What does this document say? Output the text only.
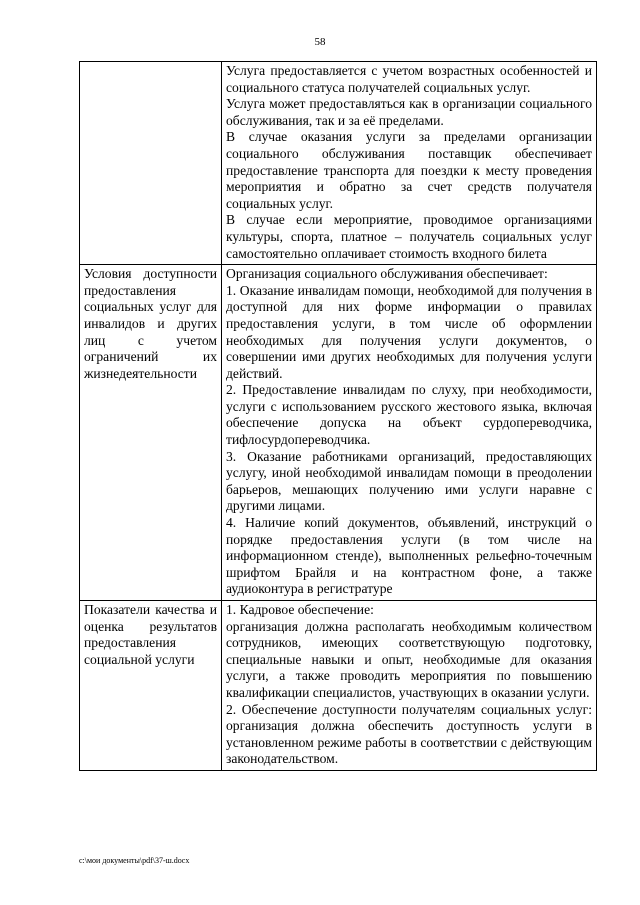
58

	Услуга предоставляется с учетом возрастных особенностей и социального статуса получателей социальных услуг.

Услуга может предоставляться как в организации социального обслуживания, так и за её пределами.

В случае оказания услуги за пределами организации социального обслуживания поставщик обеспечивает предоставление транспорта для поездки к месту проведения мероприятия и обратно за счет средств получателя социальных услуг.

В случае если мероприятие, проводимое организациями культуры, спорта, платное – получатель социальных услуг самостоятельно оплачивает стоимость входного билета

Условия доступности предоставления социальных услуг для инвалидов и других лиц с учетом ограничений их жизнедеятельности	Организация социального обслуживания обеспечивает:

1. Оказание инвалидам помощи, необходимой для получения в доступной для них форме информации о правилах предоставления услуги, в том числе об оформлении необходимых для получения услуги документов, о совершении ими других необходимых для получения услуги действий.

2. Предоставление инвалидам по слуху, при необходимости, услуги с использованием русского жестового языка, включая обеспечение допуска на объект сурдопереводчика, тифлосурдопереводчика.

3. Оказание работниками организаций, предоставляющих услугу, иной необходимой инвалидам помощи в преодолении барьеров, мешающих получению ими услуги наравне с другими лицами.

4. Наличие копий документов, объявлений, инструкций о порядке предоставления услуги (в том числе на информационном стенде), выполненных рельефно-точечным шрифтом Брайля и на контрастном фоне, а также аудиоконтура в регистратуре

Показатели качества и оценка результатов предоставления социальной услуги	1. Кадровое обеспечение:

организация должна располагать необходимым количеством сотрудников, имеющих соответствующую подготовку, специальные навыки и опыт, необходимые для оказания услуги, а также проводить мероприятия по повышению квалификации специалистов, участвующих в оказании услуги.

2. Обеспечение доступности получателям социальных услуг: организация должна обеспечить доступность услуги в установленном режиме работы в соответствии с действующим законодательством.

c:\мои документы\pdf\37-ш.docx
